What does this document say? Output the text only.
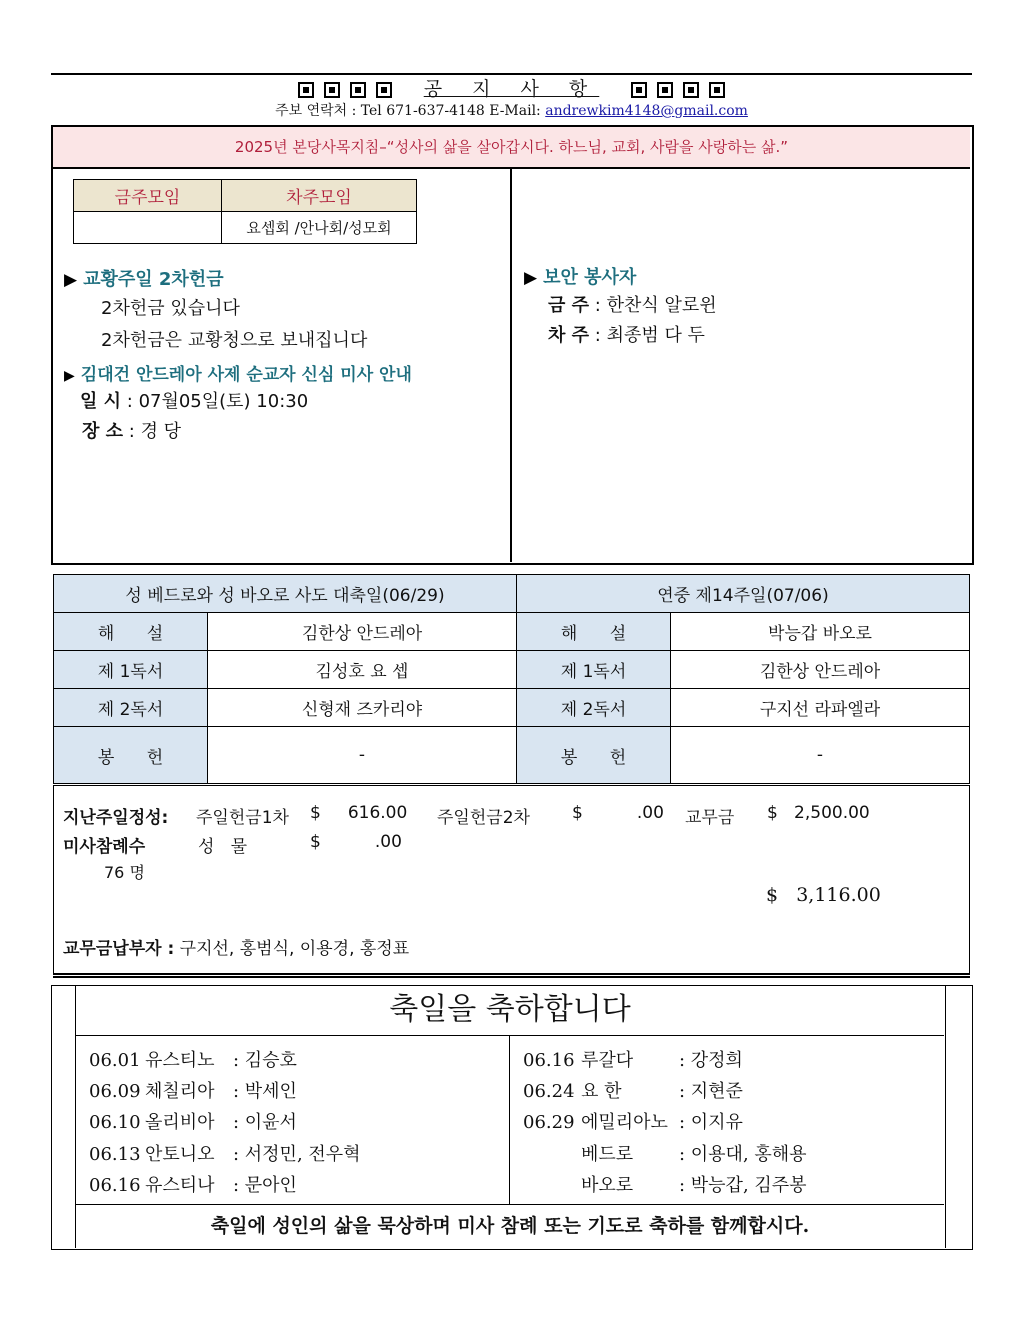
공 지 사 항
주보 연락처 : Tel 671-637-4148 E-Mail: andrewkim4148@gmail.com
2025년 본당사목지침–“성사의 삶을 살아갑시다. 하느님, 교회, 사람을 사랑하는 삶.”
금주모임	차주모임
	요셉회 /안나회/성모회
▶ 교황주일 2차헌금
2차헌금 있습니다
2차헌금은 교황청으로 보내집니다
▶ 김대건 안드레아 사제 순교자 신심 미사 안내
일 시 : 07월05일(토) 10:30
장 소 : 경 당
▶ 보안 봉사자
금 주 : 한찬식 알로윈
차 주 : 최종범 다 두
성 베드로와 성 바오로 사도 대축일(06/29)		연중 제14주일(07/06)	
해      설	김한상 안드레아	해      설	박능갑 바오로
제 1독서	김성호 요 셉	제 1독서	김한상 안드레아
제 2독서	신형재 즈카리야	제 2독서	구지선 라파엘라
봉      헌	-	봉      헌	-
지난주일정성: 주일헌금1차 $     616.00 주일헌금2차 $          .00 교무금 $   2,500.00
미사참례수	성   물	$          .00
76 명
$   3,116.00
교무금납부자 : 구지선, 홍범식, 이용경, 홍정표
축일을 축하합니다
06.01 유스티노 : 김승호
06.09 체칠리아 : 박세인
06.10 올리비아 : 이윤서
06.13 안토니오 : 서정민, 전우혁
06.16 유스티나 : 문아인
06.16 루갈다	: 강정희
06.24 요 한	: 지현준
06.29 에밀리아노 : 이지유
베드로	: 이용대, 홍해용
바오로	: 박능갑, 김주봉
축일에 성인의 삶을 묵상하며 미사 참례 또는 기도로 축하를 함께합시다.
